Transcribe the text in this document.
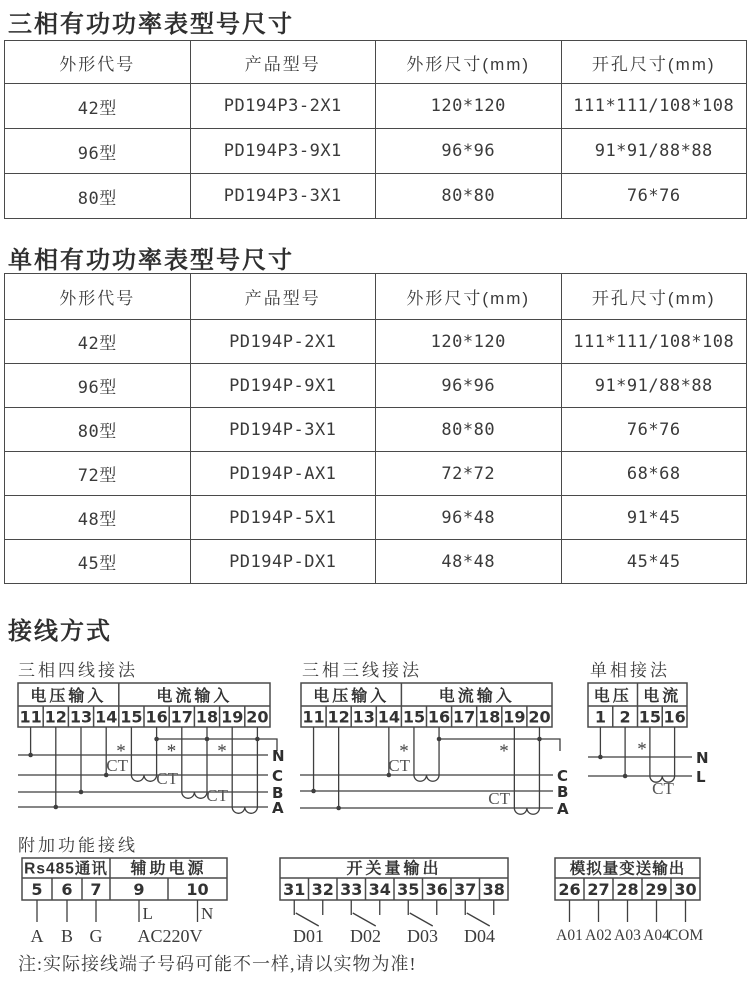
三相有功功率表型号尺寸
外形代号	产品型号	外形尺寸(mm)	开孔尺寸(mm)
42型	PD194P3-2X1	120*120	111*111/108*108
96型	PD194P3-9X1	96*96	91*91/88*88
80型	PD194P3-3X1	80*80	76*76
单相有功功率表型号尺寸
外形代号	产品型号	外形尺寸(mm)	开孔尺寸(mm)
42型	PD194P-2X1	120*120	111*111/108*108
96型	PD194P-9X1	96*96	91*91/88*88
80型	PD194P-3X1	80*80	76*76
72型	PD194P-AX1	72*72	68*68
48型	PD194P-5X1	96*48	91*45
45型	PD194P-DX1	48*48	45*45
接线方式
三相四线接法	三相三线接法	单相接法
电压输入	电流输入
11 12 13 14 15 16 17 18 19 20
* * *
CT
CT
CT
N
C
B
A
电压输入	电流输入
11 12 13 14 15 16 17 18 19 20
*	*
CT
CT
C
B
A
电压 电流
1 2 15 16
*
CT
N
L
附加功能接线
Rs485通讯 辅助电源
5 6 7 9	10
L	N
A B G AC220V
开关量输出
31 32 33 34 35 36 37 38
D01 D02 D03 D04
模拟量变送输出
26 27 28 29 30
A01 A02 A03 A04
COM
注:实际接线端子号码可能不一样,请以实物为准!
